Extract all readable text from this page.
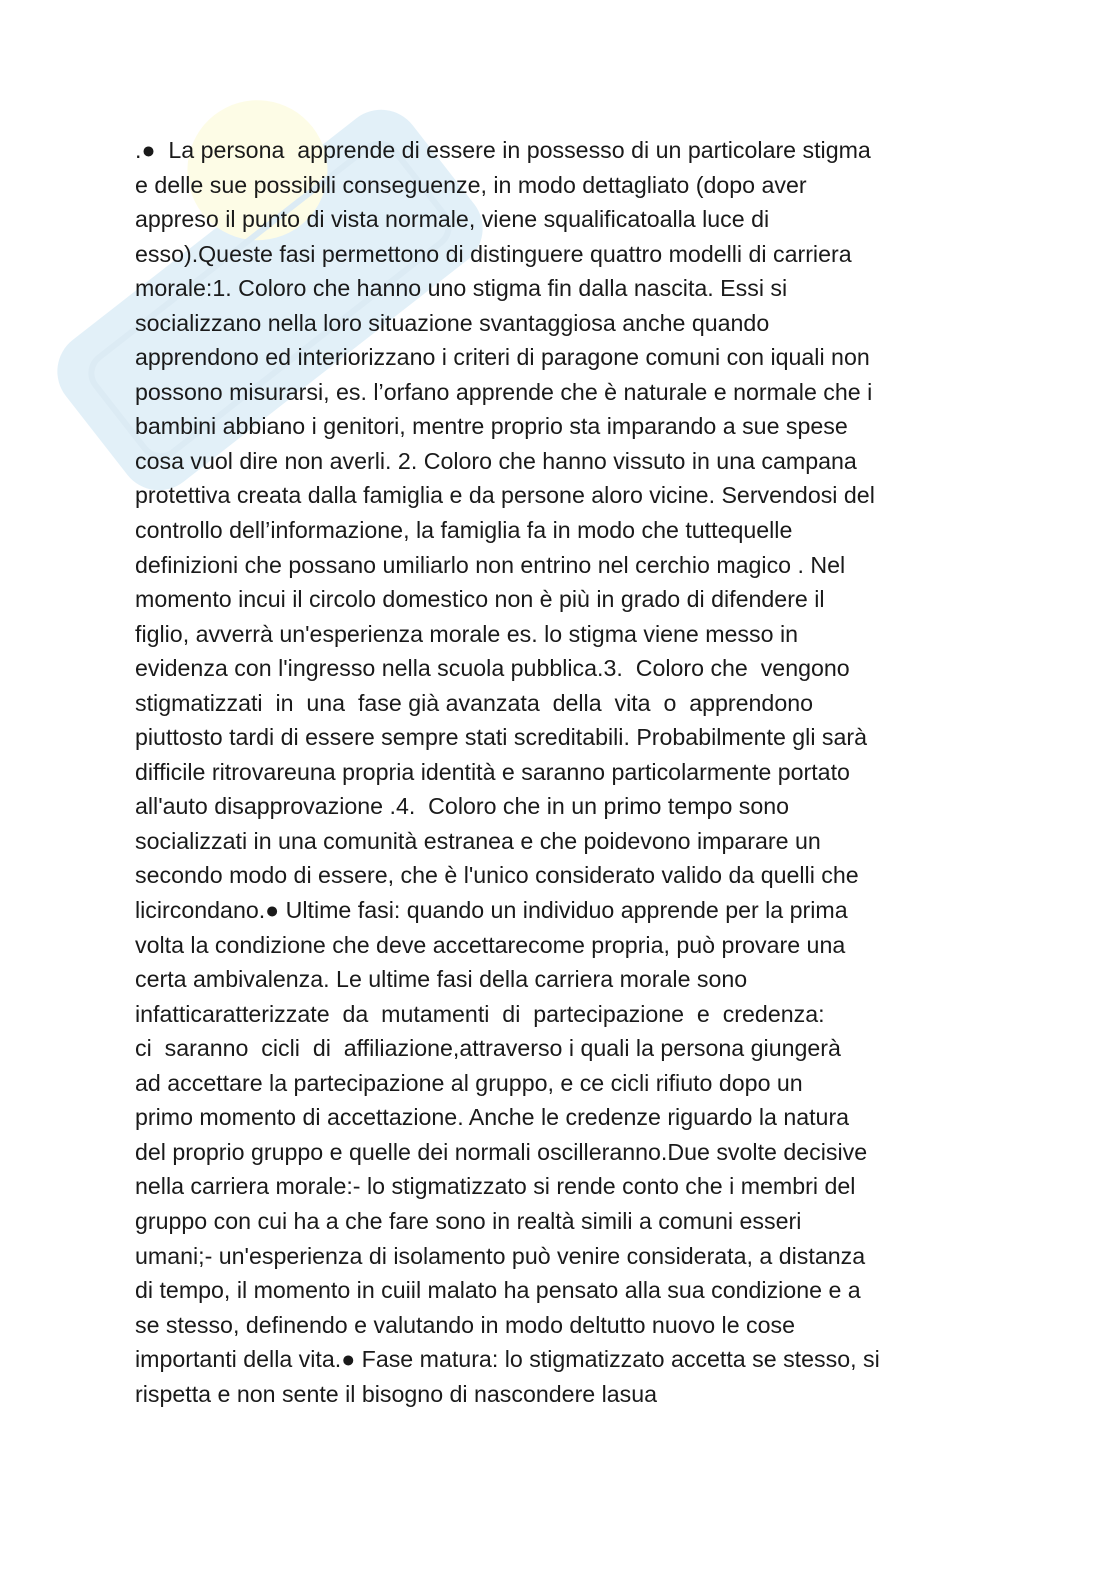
.●  La persona  apprende di essere in possesso di un particolare stigma
e delle sue possibili conseguenze, in modo dettagliato (dopo aver
appreso il punto di vista normale, viene squalificatoalla luce di
esso).Queste fasi permettono di distinguere quattro modelli di carriera
morale:1. Coloro che hanno uno stigma fin dalla nascita. Essi si
socializzano nella loro situazione svantaggiosa anche quando
apprendono ed interiorizzano i criteri di paragone comuni con iquali non
possono misurarsi, es. l’orfano apprende che è naturale e normale che i
bambini abbiano i genitori, mentre proprio sta imparando a sue spese
cosa vuol dire non averli. 2. Coloro che hanno vissuto in una campana
protettiva creata dalla famiglia e da persone aloro vicine. Servendosi del
controllo dell’informazione, la famiglia fa in modo che tuttequelle
definizioni che possano umiliarlo non entrino nel cerchio magico . Nel
momento incui il circolo domestico non è più in grado di difendere il
figlio, avverrà un'esperienza morale es. lo stigma viene messo in
evidenza con l'ingresso nella scuola pubblica.3.  Coloro che  vengono
stigmatizzati  in  una  fase già avanzata  della  vita  o  apprendono
piuttosto tardi di essere sempre stati screditabili. Probabilmente gli sarà
difficile ritrovareuna propria identità e saranno particolarmente portato
all'auto disapprovazione .4.  Coloro che in un primo tempo sono
socializzati in una comunità estranea e che poidevono imparare un
secondo modo di essere, che è l'unico considerato valido da quelli che
licircondano.● Ultime fasi: quando un individuo apprende per la prima
volta la condizione che deve accettarecome propria, può provare una
certa ambivalenza. Le ultime fasi della carriera morale sono
infatticaratterizzate  da  mutamenti  di  partecipazione  e  credenza:
ci  saranno  cicli  di  affiliazione,attraverso i quali la persona giungerà
ad accettare la partecipazione al gruppo, e ce cicli rifiuto dopo un
primo momento di accettazione. Anche le credenze riguardo la natura
del proprio gruppo e quelle dei normali oscilleranno.Due svolte decisive
nella carriera morale:- lo stigmatizzato si rende conto che i membri del
gruppo con cui ha a che fare sono in realtà simili a comuni esseri
umani;- un'esperienza di isolamento può venire considerata, a distanza
di tempo, il momento in cuiil malato ha pensato alla sua condizione e a
se stesso, definendo e valutando in modo deltutto nuovo le cose
importanti della vita.● Fase matura: lo stigmatizzato accetta se stesso, si
rispetta e non sente il bisogno di nascondere lasua
